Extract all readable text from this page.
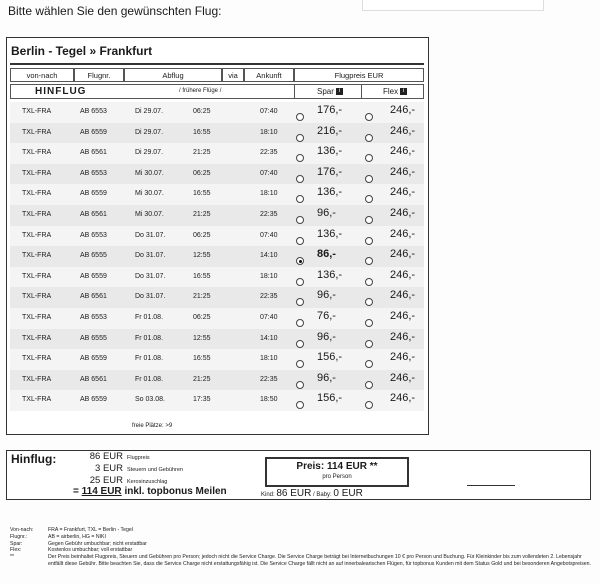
Bitte wählen Sie den gewünschten Flug:
Berlin - Tegel » Frankfurt
von-nach	Flugnr.	Abflug	via	Ankunft	Flugpreis EUR
HINFLUG	/ frühere Flüge /	Spar i	Flex i
TXL-FRA	AB 6553	Di 29.07.	06:25	07:40	176,-	246,-
TXL-FRA	AB 6559	Di 29.07.	16:55	18:10	216,-	246,-
TXL-FRA	AB 6561	Di 29.07.	21:25	22:35	136,-	246,-
TXL-FRA	AB 6553	Mi 30.07.	06:25	07:40	176,-	246,-
TXL-FRA	AB 6559	Mi 30.07.	16:55	18:10	136,-	246,-
TXL-FRA	AB 6561	Mi 30.07.	21:25	22:35	96,-	246,-
TXL-FRA	AB 6553	Do 31.07.	06:25	07:40	136,-	246,-
TXL-FRA	AB 6555	Do 31.07.	12:55	14:10	86,-	246,-
TXL-FRA	AB 6559	Do 31.07.	16:55	18:10	136,-	246,-
TXL-FRA	AB 6561	Do 31.07.	21:25	22:35	96,-	246,-
TXL-FRA	AB 6553	Fr 01.08.	06:25	07:40	76,-	246,-
TXL-FRA	AB 6555	Fr 01.08.	12:55	14:10	96,-	246,-
TXL-FRA	AB 6559	Fr 01.08.	16:55	18:10	156,-	246,-
TXL-FRA	AB 6561	Fr 01.08.	21:25	22:35	96,-	246,-
TXL-FRA	AB 6559	So 03.08.	17:35	18:50	156,-	246,-
freie Plätze: >9
Hinflug:	86 EUR Flugpreis
3 EUR Steuern und Gebühren
25 EUR Kerosinzuschlag
= 114 EUR inkl. topbonus Meilen
Preis: 114 EUR **
pro Person
Kind: 86 EUR / Baby: 0 EUR
Von-nach:	FRA = Frankfurt, TXL = Berlin - Tegel
Flugnr.:	AB = airberlin, HG = NIKI
Spar:	Gegen Gebühr umbuchbar; nicht erstattbar
Flex:	Kostenlos umbuchbar; voll erstattbar
**	Der Preis beinhaltet Flugpreis, Steuern und Gebühren pro Person; jedoch nicht die Service Charge. Die Service Charge beträgt bei Internetbuchungen 10 € pro Person und Buchung. Für Kleinkinder bis zum vollendeten 2. Lebensjahr entfällt diese Gebühr. Bitte beachten Sie, dass die Service Charge nicht erstattungsfähig ist. Die Service Charge fällt nicht an auf innerbalearischen Flügen, für topbonus Kunden mit dem Status Gold und bei besonderen Angebotspreisen.
